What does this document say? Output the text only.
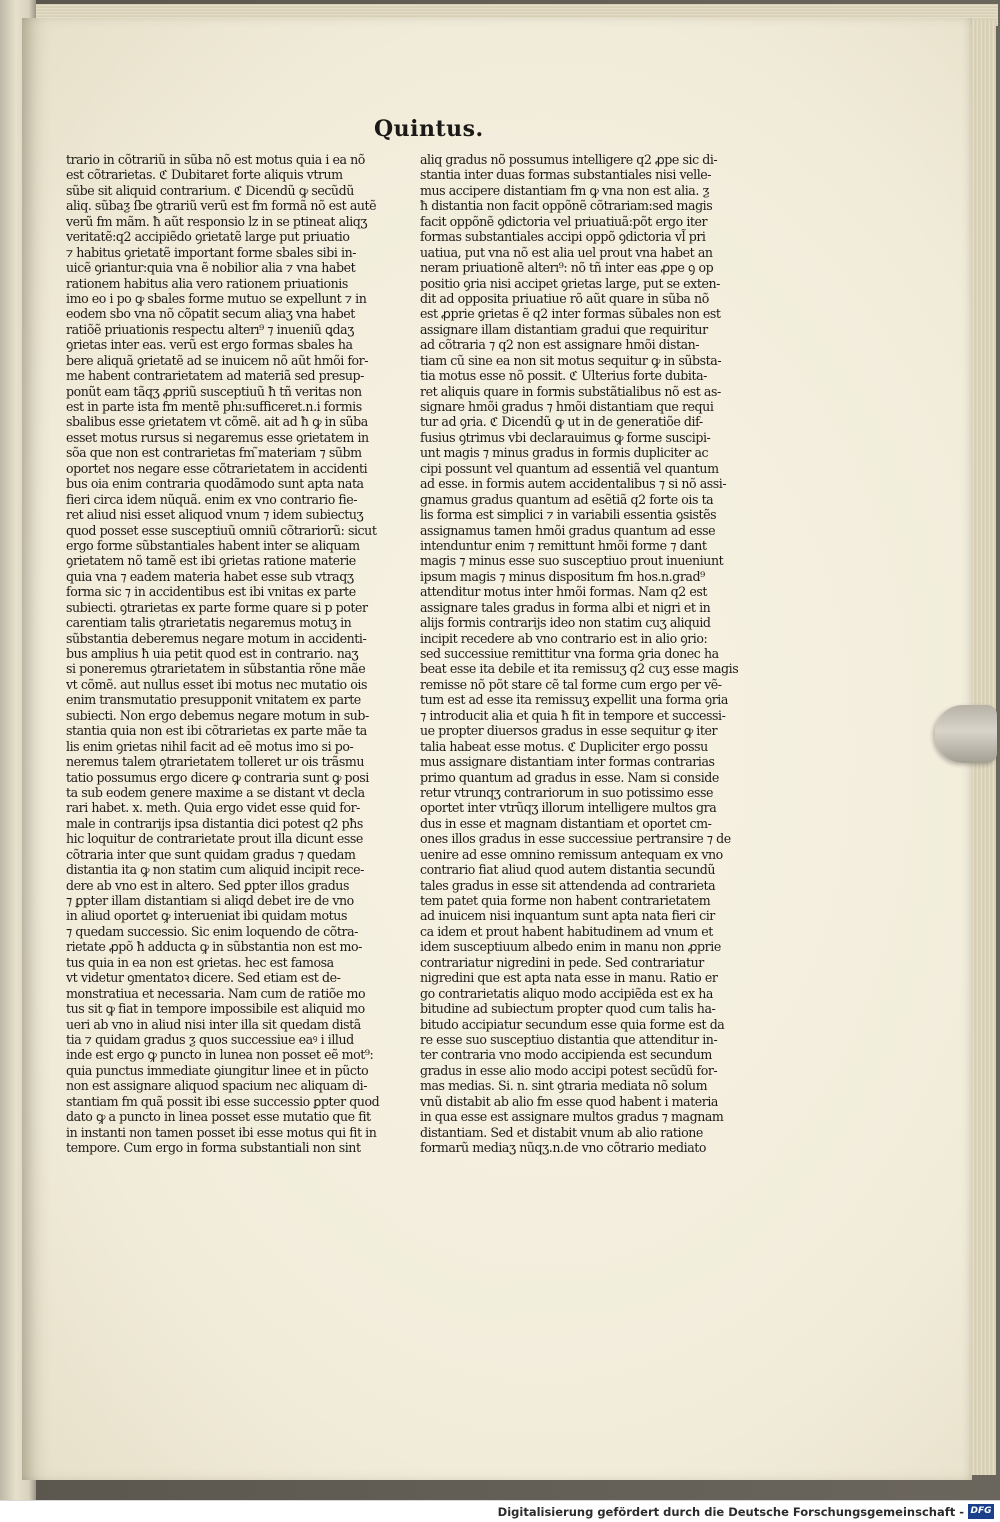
Quintus.
trario in cõtrariũ in sũba nõ est motus quia i ea nõ
est cõtrarietas. ℭ Dubitaret forte aliquis vtrum
sũbe sit aliquid contrarium. ℭ Dicendũ ꝙ secũdũ
aliq. sũbaƺ ſbe ꝯtrariũ verũ est fm formã nõ est autẽ
verũ fm mãm. ħ aũt responsio lz in se ptineat aliqʒ
veritatẽ:q2 accipiẽdo ꝯrietatẽ large put priuatio
⁊ habitus ꝯrietatẽ important forme sbales sibi in-
uicẽ ꝯriantur:quia vna ẽ nobilior alia ⁊ vna habet
rationem habitus alia vero rationem priuationis
imo eo i po ꝙ sbales forme mutuo se expellunt ⁊ in
eodem sbo vna nõ cõpatit secum aliaʒ vna habet
ratiõẽ priuationis respectu alterı⁹ ⁊ inueniũ ꝗdaʒ
ꝯrietas inter eas. verũ est ergo formas sbales ha
bere aliquã ꝯrietatẽ ad se inuicem nõ aũt hmõi for-
me habent contrarietatem ad materiã sed presup-
ponũt eam tãqʒ ꝓpriũ susceptiuũ ħ tñ veritas non
est in parte ista fm mentẽ phı:sufficeret.n.i formis
sbalibus esse ꝯrietatem vt cõmẽ. ait ad ħ ꝙ in sũba
esset motus rursus si negaremus esse ꝯrietatem in
sõa que non est contrarietas fm ̃materiam ⁊ sũbm
oportet nos negare esse cõtrarietatem in accidenti
bus oia enim contraria quodãmodo sunt apta nata
fieri circa idem nũquã. enim ex vno contrario fie-
ret aliud nisi esset aliquod vnum ⁊ idem subiectuʒ
quod posset esse susceptiuũ omniũ cõtrariorũ: sicut
ergo forme sũbstantiales habent inter se aliquam
ꝯrietatem nõ tamẽ est ibi ꝯrietas ratione materie
quia vna ⁊ eadem materia habet esse sub vtraqʒ
forma sic ⁊ in accidentibus est ibi vnitas ex parte
subiecti. ꝯtrarietas ex parte forme quare si p poter
carentiam talis ꝯtrarietatis negaremus motuʒ in
sũbstantia deberemus negare motum in accidenti-
bus amplius ħ uia petit quod est in contrario. naʒ
si poneremus ꝯtrarietatem in sũbstantia rõne mãe
vt cõmẽ. aut nullus esset ibi motus nec mutatio ois
enim transmutatio presupponit vnitatem ex parte
subiecti. Non ergo debemus negare motum in sub-
stantia quia non est ibi cõtrarietas ex parte mãe ta
lis enim ꝯrietas nihil facit ad eẽ motus imo si po-
neremus talem ꝯtrarietatem tolleret ur ois trãsmu
tatio possumus ergo dicere ꝙ contraria sunt ꝙ posi
ta sub eodem genere maxime a se distant vt decla
rari habet. x. meth. Quia ergo videt esse quid for-
male in contrarijs ipsa distantia dici potest q2 pħs
hic loquitur de contrarietate prout illa dicunt esse
cõtraria inter que sunt quidam gradus ⁊ quedam
distantia ita ꝙ non statim cum aliquid incipit rece-
dere ab vno est in altero. Sed ꝑpter illos gradus
⁊ ꝑpter illam distantiam si aliqd debet ire de vno
in aliud oportet ꝙ interueniat ibi quidam motus
⁊ quedam successio. Sic enim loquendo de cõtra-
rietate ꝓpõ ħ adducta ꝙ in sũbstantia non est mo-
tus quia in ea non est ꝯrietas. hec est famosa
vt videtur ꝯmentatoꝛ dicere. Sed etiam est de-
monstratiua et necessaria. Nam cum de ratiõe mo
tus sit ꝙ fiat in tempore impossibile est aliquid mo
ueri ab vno in aliud nisi inter illa sit quedam distã
tia ⁊ quidam gradus ƺ quos successiue eaꝰ i illud
inde est ergo ꝙ puncto in lunea non posset eẽ mot⁹:
quia punctus immediate ꝯiungitur linee et in pũcto
non est assignare aliquod spacium nec aliquam di-
stantiam fm quã possit ibi esse successio ꝑpter quod
dato ꝙ a puncto in linea posset esse mutatio que fit
in instanti non tamen posset ibi esse motus qui fit in
tempore. Cum ergo in forma substantiali non sint
aliq gradus nõ possumus intelligere q2 ꝓpe sic di-
stantia inter duas formas substantiales nisi velle-
mus accipere distantiam fm ꝙ vna non est alia. ƺ
ħ distantia non facit oppõnẽ cõtrariam:sed magis
facit oppõnẽ ꝯdictoria vel priuatiuã:põt ergo iter
formas substantiales accipi oppõ ꝯdictoria vl̃ pri
uatiua, put vna nõ est alia uel prout vna habet an
neram priuationẽ alterı⁹: nõ tñ inter eas ꝓpe ꝯ op
positio ꝯria nisi accipet ꝯrietas large, put se exten-
dit ad opposita priuatiue rõ aũt quare in sũba nõ
est ꝓprie ꝯrietas ẽ q2 inter formas sũbales non est
assignare illam distantiam gradui que requiritur
ad cõtraria ⁊ q2 non est assignare hmõi distan-
tiam cũ sine ea non sit motus sequitur ꝙ in sũbsta-
tia motus esse nõ possit. ℭ Ulterius forte dubita-
ret aliquis quare in formis substãtialibus nõ est as-
signare hmõi gradus ⁊ hmõi distantiam que requi
tur ad ꝯria. ℭ Dicendũ ꝙ ut in de generatiõe dif-
fusius ꝯtrimus vbi declarauimus ꝙ forme suscipi-
unt magis ⁊ minus gradus in formis dupliciter ac
cipi possunt vel quantum ad essentiã vel quantum
ad esse. in formis autem accidentalibus ⁊ si nõ assi-
gnamus gradus quantum ad esẽtiã q2 forte ois ta
lis forma est simplici ⁊ in variabili essentia ꝯsistẽs
assignamus tamen hmõi gradus quantum ad esse
intenduntur enim ⁊ remittunt hmõi forme ⁊ dant
magis ⁊ minus esse suo susceptiuo prout inueniunt
ipsum magis ⁊ minus dispositum fm hos.n.grad⁹
attenditur motus inter hmõi formas. Nam q2 est
assignare tales gradus in forma albi et nigri et in
alijs formis contrarijs ideo non statim cuʒ aliquid
incipit recedere ab vno contrario est in alio ꝯrio:
sed successiue remittitur vna forma ꝯria donec ha
beat esse ita debile et ita remissuʒ q2 cuʒ esse magis
remisse nõ põt stare cẽ tal forme cum ergo per vẽ-
tum est ad esse ita remissuʒ expellit una forma ꝯria
⁊ introducit alia et quia ħ fit in tempore et successi-
ue propter diuersos gradus in esse sequitur ꝙ iter
talia habeat esse motus. ℭ Dupliciter ergo possu
mus assignare distantiam inter formas contrarias
primo quantum ad gradus in esse. Nam si conside
retur vtrunqʒ contrariorum in suo potissimo esse
oportet inter vtrũqʒ illorum intelligere multos gra
dus in esse et magnam distantiam et oportet cm-
ones illos gradus in esse successiue pertransire ⁊ de
uenire ad esse omnino remissum antequam ex vno
contrario fiat aliud quod autem distantia secundũ
tales gradus in esse sit attendenda ad contrarieta
tem patet quia forme non habent contrarietatem
ad inuicem nisi inquantum sunt apta nata fieri cir
ca idem et prout habent habitudinem ad vnum et
idem susceptiuum albedo enim in manu non ꝓprie
contrariatur nigredini in pede. Sed contrariatur
nigredini que est apta nata esse in manu. Ratio er
go contrarietatis aliquo modo accipiẽda est ex ha
bitudine ad subiectum propter quod cum talis ha-
bitudo accipiatur secundum esse quia forme est da
re esse suo susceptiuo distantia que attenditur in-
ter contraria vno modo accipienda est secundum
gradus in esse alio modo accipi potest secũdũ for-
mas medias. Si. n. sint ꝯtraria mediata nõ solum
vnũ distabit ab alio fm esse quod habent i materia
in qua esse est assignare multos gradus ⁊ magnam
distantiam. Sed et distabit vnum ab alio ratione
formarũ mediaʒ nũqʒ.n.de vno cõtrario mediato
Digitalisierung gefördert durch die Deutsche Forschungsgemeinschaft - DFG
